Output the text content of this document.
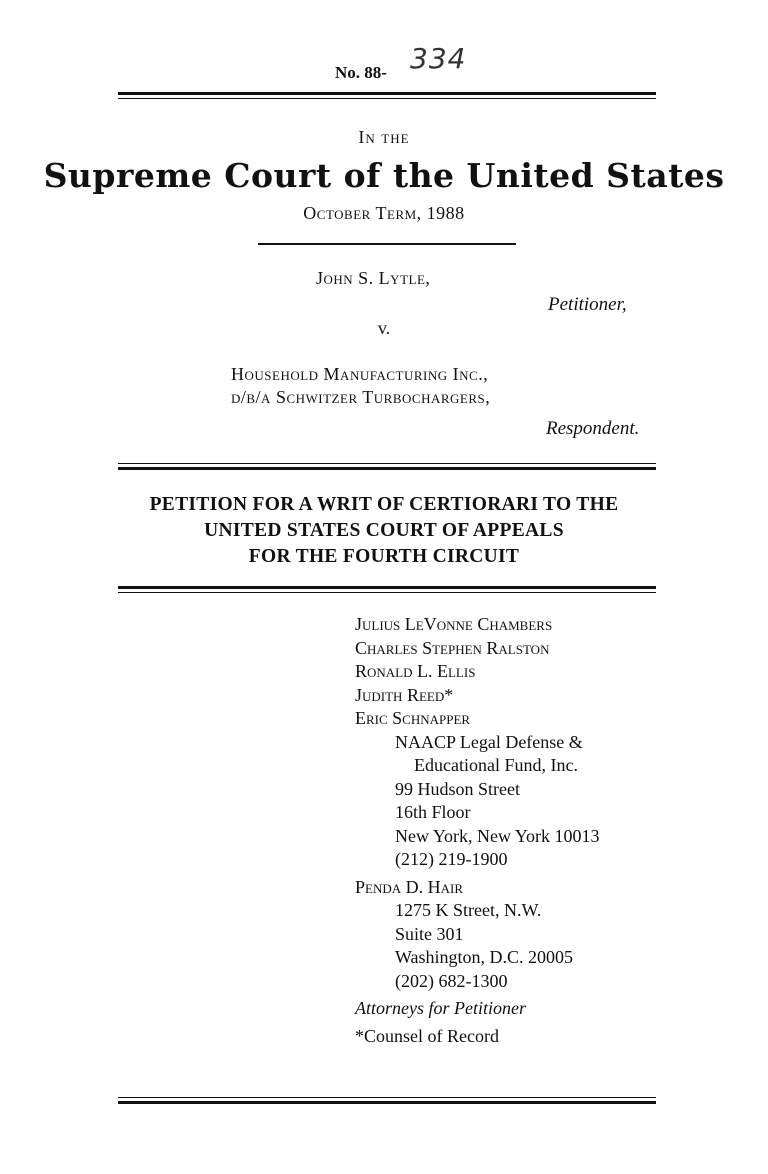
No. 88- 334
In the
Supreme Court of the United States
October Term, 1988
John S. Lytle,
Petitioner,
v.
Household Manufacturing Inc.,
d/b/a Schwitzer Turbochargers,
Respondent.
PETITION FOR A WRIT OF CERTIORARI TO THE
UNITED STATES COURT OF APPEALS
FOR THE FOURTH CIRCUIT
Julius LeVonne Chambers
Charles Stephen Ralston
Ronald L. Ellis
Judith Reed*
Eric Schnapper
NAACP Legal Defense &
Educational Fund, Inc.
99 Hudson Street
16th Floor
New York, New York 10013
(212) 219-1900
Penda D. Hair
1275 K Street, N.W.
Suite 301
Washington, D.C. 20005
(202) 682-1300
Attorneys for Petitioner
*Counsel of Record
